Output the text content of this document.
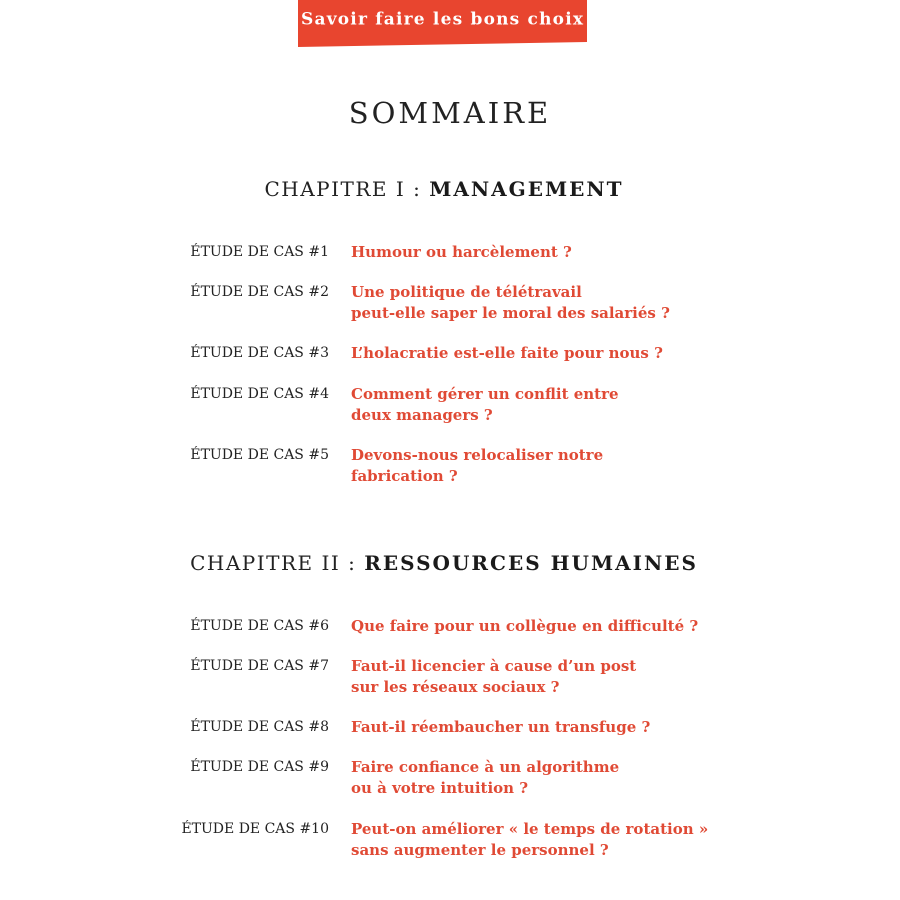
Savoir faire les bons choix
SOMMAIRE
CHAPITRE I : MANAGEMENT
ÉTUDE DE CAS #1 Humour ou harcèlement ?
ÉTUDE DE CAS #2 Une politique de télétravail
peut-elle saper le moral des salariés ?
ÉTUDE DE CAS #3 L’holacratie est-elle faite pour nous ?
ÉTUDE DE CAS #4 Comment gérer un conflit entre
deux managers ?
ÉTUDE DE CAS #5 Devons-nous relocaliser notre
fabrication ?
CHAPITRE II : RESSOURCES HUMAINES
ÉTUDE DE CAS #6 Que faire pour un collègue en difficulté ?
ÉTUDE DE CAS #7 Faut-il licencier à cause d’un post
sur les réseaux sociaux ?
ÉTUDE DE CAS #8 Faut-il réembaucher un transfuge ?
ÉTUDE DE CAS #9 Faire confiance à un algorithme
ou à votre intuition ?
ÉTUDE DE CAS #10 Peut-on améliorer « le temps de rotation »
sans augmenter le personnel ?
